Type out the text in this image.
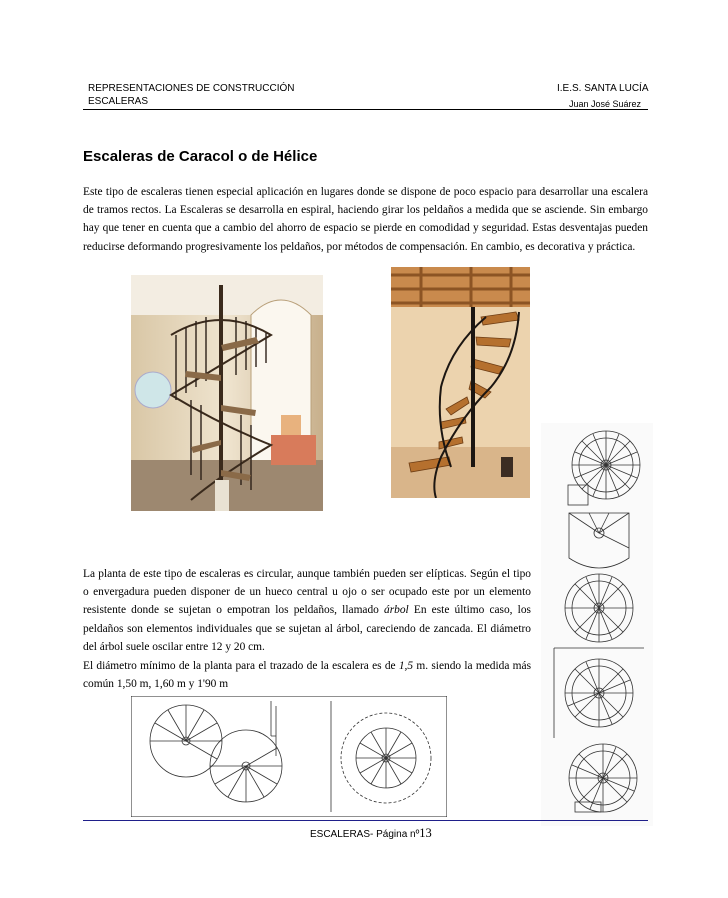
REPRESENTACIONES DE CONSTRUCCIÓN
ESCALERAS
I.E.S. SANTA LUCÍA
Juan José Suárez
Escaleras de Caracol o de Hélice

Este tipo de escaleras tienen especial aplicación en lugares donde se dispone de poco espacio para desarrollar una escalera de tramos rectos. La Escaleras se desarrolla en espiral, haciendo girar los peldaños a medida que se asciende. Sin embargo hay que tener en cuenta que a cambio del ahorro de espacio se pierde en comodidad y seguridad. Estas desventajas pueden reducirse deformando progresivamente los peldaños, por métodos de compensación. En cambio, es decorativa y práctica.

La planta de este tipo de escaleras es circular, aunque también pueden ser elípticas. Según el tipo o envergadura pueden disponer de un hueco central u ojo o ser ocupado este por un elemento resistente donde se sujetan o empotran los peldaños, llamado árbol En este último caso, los peldaños son elementos individuales que se sujetan al árbol, careciendo de zancada. El diámetro del árbol suele oscilar entre 12 y 20 cm.

El diámetro mínimo de la planta para el trazado de la escalera es de 1,5 m. siendo la medida más común 1,50 m, 1,60 m y 1'90 m

ESCALERAS- Página nº13
